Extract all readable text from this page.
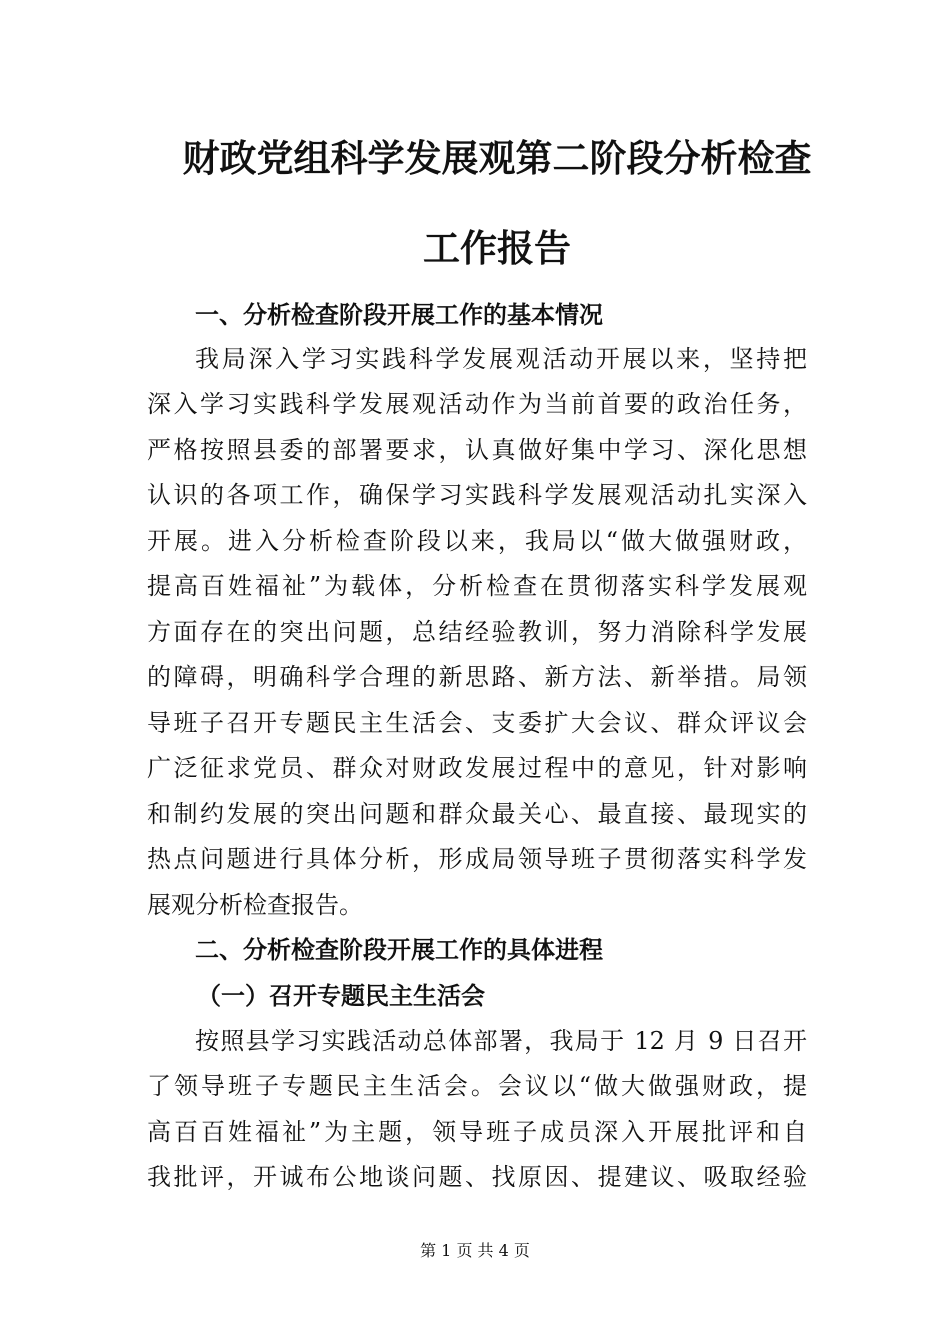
财政党组科学发展观第二阶段分析检查
工作报告
一、分析检查阶段开展工作的基本情况

我局深入学习实践科学发展观活动开展以来，坚持把

深入学习实践科学发展观活动作为当前首要的政治任务，

严格按照县委的部署要求，认真做好集中学习、深化思想

认识的各项工作，确保学习实践科学发展观活动扎实深入

开展。进入分析检查阶段以来，我局以“做大做强财政，

提高百姓福祉”为载体，分析检查在贯彻落实科学发展观

方面存在的突出问题，总结经验教训，努力消除科学发展

的障碍，明确科学合理的新思路、新方法、新举措。局领

导班子召开专题民主生活会、支委扩大会议、群众评议会

广泛征求党员、群众对财政发展过程中的意见，针对影响

和制约发展的突出问题和群众最关心、最直接、最现实的

热点问题进行具体分析，形成局领导班子贯彻落实科学发

展观分析检查报告。

二、分析检查阶段开展工作的具体进程
（一）召开专题民主生活会

按照县学习实践活动总体部署，我局于 12 月 9 日召开

了领导班子专题民主生活会。会议以“做大做强财政，提

高百百姓福祉”为主题，领导班子成员深入开展批评和自

我批评，开诚布公地谈问题、找原因、提建议、吸取经验

第 1 页 共 4 页
